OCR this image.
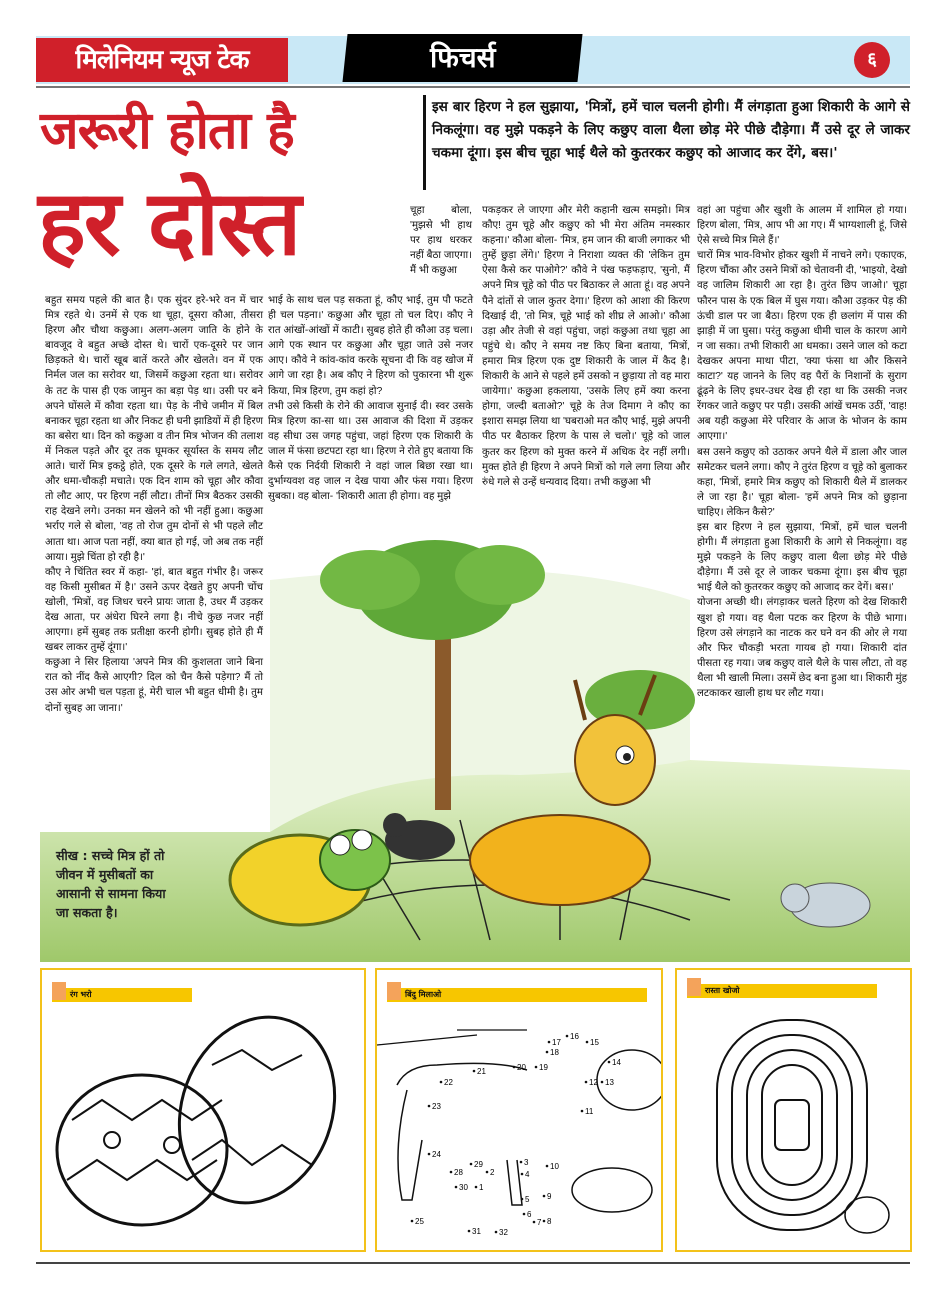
मिलेनियम न्यूज टेक	फिचर्स	६
जरूरी होता है
हर दोस्त
इस बार हिरण ने हल सुझाया, 'मित्रों, हमें चाल चलनी होगी। मैं लंगड़ाता हुआ शिकारी के आगे से निकलूंगा। वह मुझे पकड़ने के लिए कछुए वाला थैला छोड़ मेरे पीछे दौड़ेगा। मैं उसे दूर ले जाकर चकमा दूंगा। इस बीच चूहा भाई थैले को कुतरकर कछुए को आजाद कर देंगे, बस।'

बहुत समय पहले की बात है। एक सुंदर हरे-भरे वन में चार मित्र रहते थे। उनमें से एक था चूहा, दूसरा कौआ, तीसरा हिरण और चौथा कछुआ। अलग-अलग जाति के होने के बावजूद वे बहुत अच्छे दोस्त थे। चारों एक-दूसरे पर जान छिड़कते थे। चारों खूब बातें करते और खेलते। वन में एक निर्मल जल का सरोवर था, जिसमें कछुआ रहता था। सरोवर के तट के पास ही एक जामुन का बड़ा पेड़ था। उसी पर बने अपने घोंसले में कौवा रहता था। पेड़ के नीचे जमीन में बिल बनाकर चूहा रहता था और निकट ही घनी झाडियों में ही हिरण का बसेरा था। दिन को कछुआ व तीन मित्र भोजन की तलाश में निकल पड़ते और दूर तक घूमकर सूर्यास्त के समय लौट आते। चारों मित्र इकट्ठे होते, एक दूसरे के गले लगते, खेलते और धमा-चौकड़ी मचाते। एक दिन शाम को चूहा और कौवा तो लौट आए, पर हिरण नहीं लौटा। तीनों मित्र बैठकर उसकी राह देखने लगे। उनका मन खेलने को भी नहीं हुआ। कछुआ भर्राए गले से बोला, 'वह तो रोज तुम दोनों से भी पहले लौट आता था। आज पता नहीं, क्या बात हो गई, जो अब तक नहीं आया। मुझे चिंता हो रही है।'

कौए ने चिंतित स्वर में कहा- 'हां, बात बहुत गंभीर है। जरूर वह किसी मुसीबत में है।' उसने ऊपर देखते हुए अपनी चोंच खोली, 'मित्रों, वह जिधर चरने प्रायः जाता है, उधर मैं उड़कर देख आता, पर अंधेरा घिरने लगा है। नीचे कुछ नजर नहीं आएगा। हमें सुबह तक प्रतीक्षा करनी होगी। सुबह होते ही मैं खबर लाकर तुम्हें दूंगा।'

कछुआ ने सिर हिलाया 'अपने मित्र की कुशलता जाने बिना रात को नींद कैसे आएगी? दिल को चैन कैसे पड़ेगा? मैं तो उस ओर अभी चल पड़ता हूं, मेरी चाल भी बहुत धीमी है। तुम दोनों सुबह आ जाना।'

चूहा बोला, 'मुझसे भी हाथ पर हाथ धरकर नहीं बैठा जाएगा। मैं भी कछुआ

भाई के साथ चल पड़ सकता हूं, कौए भाई, तुम पौ फटते ही चल पड़ना।' कछुआ और चूहा तो चल दिए। कौए ने रात आंखों-आंखों में काटी। सुबह होते ही कौआ उड़ चला। आगे एक स्थान पर कछुआ और चूहा जाते उसे नजर आए। कौवे ने कांव-कांव करके सूचना दी कि वह खोज में आगे जा रहा है। अब कौए ने हिरण को पुकारना भी शुरू किया, मित्र हिरण, तुम कहां हो?

तभी उसे किसी के रोने की आवाज सुनाई दी। स्वर उसके मित्र हिरण का-सा था। उस आवाज की दिशा में उड़कर वह सीधा उस जगह पहुंचा, जहां हिरण एक शिकारी के जाल में फंसा छटपटा रहा था। हिरण ने रोते हुए बताया कि कैसे एक निर्दयी शिकारी ने वहां जाल बिछा रखा था। दुर्भाग्यवश वह जाल न देख पाया और फंस गया। हिरण सुबका। वह बोला- 'शिकारी आता ही होगा। वह मुझे

पकड़कर ले जाएगा और मेरी कहानी खत्म समझो। मित्र कौए! तुम चूहे और कछुए को भी मेरा अंतिम नमस्कार कहना।' कौआ बोला- 'मित्र, हम जान की बाजी लगाकर भी तुम्हें छुड़ा लेंगे।' हिरण ने निराशा व्यक्त की 'लेकिन तुम ऐसा कैसे कर पाओगे?' कौवे ने पंख फड़फड़ाए, 'सुनो, मैं अपने मित्र चूहे को पीठ पर बिठाकर ले आता हूं। वह अपने पैने दांतों से जाल कुतर देगा।' हिरण को आशा की किरण दिखाई दी, 'तो मित्र, चूहे भाई को शीघ्र ले आओ।' कौआ उड़ा और तेजी से वहां पहुंचा, जहां कछुआ तथा चूहा आ पहुंचे थे। कौए ने समय नष्ट किए बिना बताया, 'मित्रों, हमारा मित्र हिरण एक दुष्ट शिकारी के जाल में कैद है। शिकारी के आने से पहले हमें उसको न छुड़ाया तो वह मारा जायेगा।' कछुआ हकलाया, 'उसके लिए हमें क्या करना होगा, जल्दी बताओ?' चूहे के तेज दिमाग ने कौए का इशारा समझ लिया था 'घबराओ मत कौए भाई, मुझे अपनी पीठ पर बैठाकर हिरण के पास ले चलो।' चूहे को जाल कुतर कर हिरण को मुक्त करने में अधिक देर नहीं लगी। मुक्त होते ही हिरण ने अपने मित्रों को गले लगा लिया और रुंधे गले से उन्हें धन्यवाद दिया। तभी कछुआ भी

वहां आ पहुंचा और खुशी के आलम में शामिल हो गया। हिरण बोला, 'मित्र, आप भी आ गए। मैं भाग्यशाली हूं, जिसे ऐसे सच्चे मित्र मिले हैं।'

चारों मित्र भाव-विभोर होकर खुशी में नाचने लगे। एकाएक, हिरण चौंका और उसने मित्रों को चेतावनी दी, 'भाइयो, देखो वह जालिम शिकारी आ रहा है। तुरंत छिप जाओ।' चूहा फौरन पास के एक बिल में घुस गया। कौआ उड़कर पेड़ की ऊंची डाल पर जा बैठा। हिरण एक ही छलांग में पास की झाड़ी में जा घुसा। परंतु कछुआ धीमी चाल के कारण आगे न जा सका। तभी शिकारी आ धमका। उसने जाल को कटा देखकर अपना माथा पीटा, 'क्या फंसा था और किसने काटा?' यह जानने के लिए वह पैरों के निशानों के सुराग ढूंढ़ने के लिए इधर-उधर देख ही रहा था कि उसकी नजर रेंगकर जाते कछुए पर पड़ी। उसकी आंखें चमक उठीं, 'वाह! अब यही कछुआ मेरे परिवार के आज के भोजन के काम आएगा।'

बस उसने कछुए को उठाकर अपने थैले में डाला और जाल समेटकर चलने लगा। कौए ने तुरंत हिरण व चूहे को बुलाकर कहा, 'मित्रों, हमारे मित्र कछुए को शिकारी थैले में डालकर ले जा रहा है।' चूहा बोला- 'हमें अपने मित्र को छुड़ाना चाहिए। लेकिन कैसे?'

इस बार हिरण ने हल सुझाया, 'मित्रों, हमें चाल चलनी होगी। मैं लंगड़ाता हुआ शिकारी के आगे से निकलूंगा। वह मुझे पकड़ने के लिए कछुए वाला थैला छोड़ मेरे पीछे दौड़ेगा। मैं उसे दूर ले जाकर चकमा दूंगा। इस बीच चूहा भाई थैले को कुतरकर कछुए को आजाद कर देगें। बस।'

योजना अच्छी थी। लंगड़ाकर चलते हिरण को देख शिकारी खुश हो गया। वह थैला पटक कर हिरण के पीछे भागा। हिरण उसे लंगड़ाने का नाटक कर घने वन की ओर ले गया और फिर चौकड़ी भरता गायब हो गया। शिकारी दांत पीसता रह गया। जब कछुए वाले थैले के पास लौटा, तो वह थैला भी खाली मिला। उसमें छेद बना हुआ था। शिकारी मुंह लटकाकर खाली हाथ घर लौट गया।

सीख : सच्चे मित्र हों तो जीवन में मुसीबतों का आसानी से सामना किया जा सकता है।
रंग भरो	बिंदु मिलाओ
1
2
3
4
5
6
7 8
9
10
11
12 13
14
15
16
17
18
19
20
21
22
23
24
25
28
29
30
31 32
रास्ता खोजो
